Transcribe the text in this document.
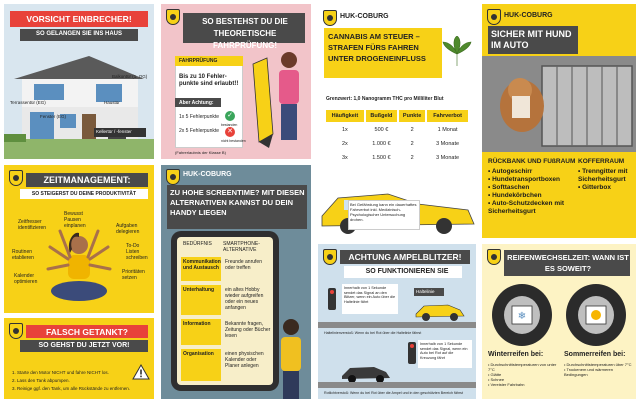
VORSICHT EINBRECHER!
SO GELANGEN SIE INS HAUS
Balkontür (1. OG)
Terrassentür (EG)	Haustür
Fenster (EG)
Kellertür / -fenster
SO BESTEHST DU DIE THEORETISCHE FAHRPRÜFUNG!
FAHRPRÜFUNG
Bis zu 10 Fehlerpunkte sind erlaubt!!
Aber Achtung:
1x 5 Fehlerpunkte
2x 5 Fehlerpunkte
✓
bestanden
✕
nicht bestanden
(Fahrerlaubnis der Klasse B)
HUK-COBURG
CANNABIS AM STEUER – STRAFEN FÜRS FAHREN UNTER DROGENEINFLUSS
Grenzwert: 1,0 Nanogramm THC pro Milliliter Blut
Häufigkeit	Bußgeld	Punkte	Fahrverbot
1x	500 €	2	1 Monat
2x	1.000 €	2	3 Monate
3x	1.500 €	2	3 Monate
Bei Gefährdung kann ein dauerhaftes Fahrverbot inkl. Medizinisch-Psychologischer Untersuchung drohen.
HUK-COBURG
SICHER MIT HUND IM AUTO
RÜCKBANK UND FUßRAUM
• Autogeschirr
• Hundetransportboxen
• Softtaschen
• Hundekörbchen
• Auto-Schutzdecken mit Sicherheitsgurt
KOFFERRAUM
• Trenngitter mit Sicherheitsgurt
• Gitterbox
ZEITMANAGEMENT:
SO STEIGERST DU DEINE PRODUKTIVITÄT
Zeitfresser identifizieren
Bewusst Pausen einplanen	Aufgaben delegieren
To-Do Listen schreiben
Routinen etablieren
Kalender optimieren
Prioritäten setzen
HUK-COBURG
ZU HOHE SCREENTIME? MIT DIESEN ALTERNATIVEN KANNST DU DEIN HANDY LIEGEN
BEDÜRFNIS SMARTPHONE-ALTERNATIVE
Kommunikation und Austausch
Freunde anrufen oder treffen
Unterhaltung	ein altes Hobby wieder aufgreifen oder ein neues anfangen
Information	Bekannte fragen, Zeitung oder Bücher lesen
Organisation	einen physischen Kalender oder Planer anlegen
ACHTUNG AMPELBLITZER!
SO FUNKTIONIEREN SIE
Innerhalb von 1 Sekunde sendet das Signal an den Blitzer, wenn ein Auto über die Haltelinie fährt
Haltelinie
Haltelinienverstoß: Wenn du bei Rot über die Haltelinie fährst
Innerhalb von 1 Sekunde sendet das Signal, wenn ein Auto bei Rot auf die Kreuzung fährt
Rotlichtverstoß: Wenn du bei Rot über die Ampel und in den geschützten Bereich fährst
REIFENWECHSELZEIT: WANN IST ES SOWEIT?
❄
Winterreifen bei:
• Durchschnittstemperaturen von unter 7°C
• Glätte
• Schnee
• Vereister Fahrbahn
Sommerreifen bei:
• Durchschnittstemperaturen über 7°C
• Trockenem und wärmeren Bedingungen
FALSCH GETANKT?
SO GEHST DU JETZT VOR!
1. Starte den Motor NICHT und fahre NICHT los.
2. Lass den Tank abpumpen.
3. Reinige ggf. den Tank, um alle Rückstände zu entfernen.
